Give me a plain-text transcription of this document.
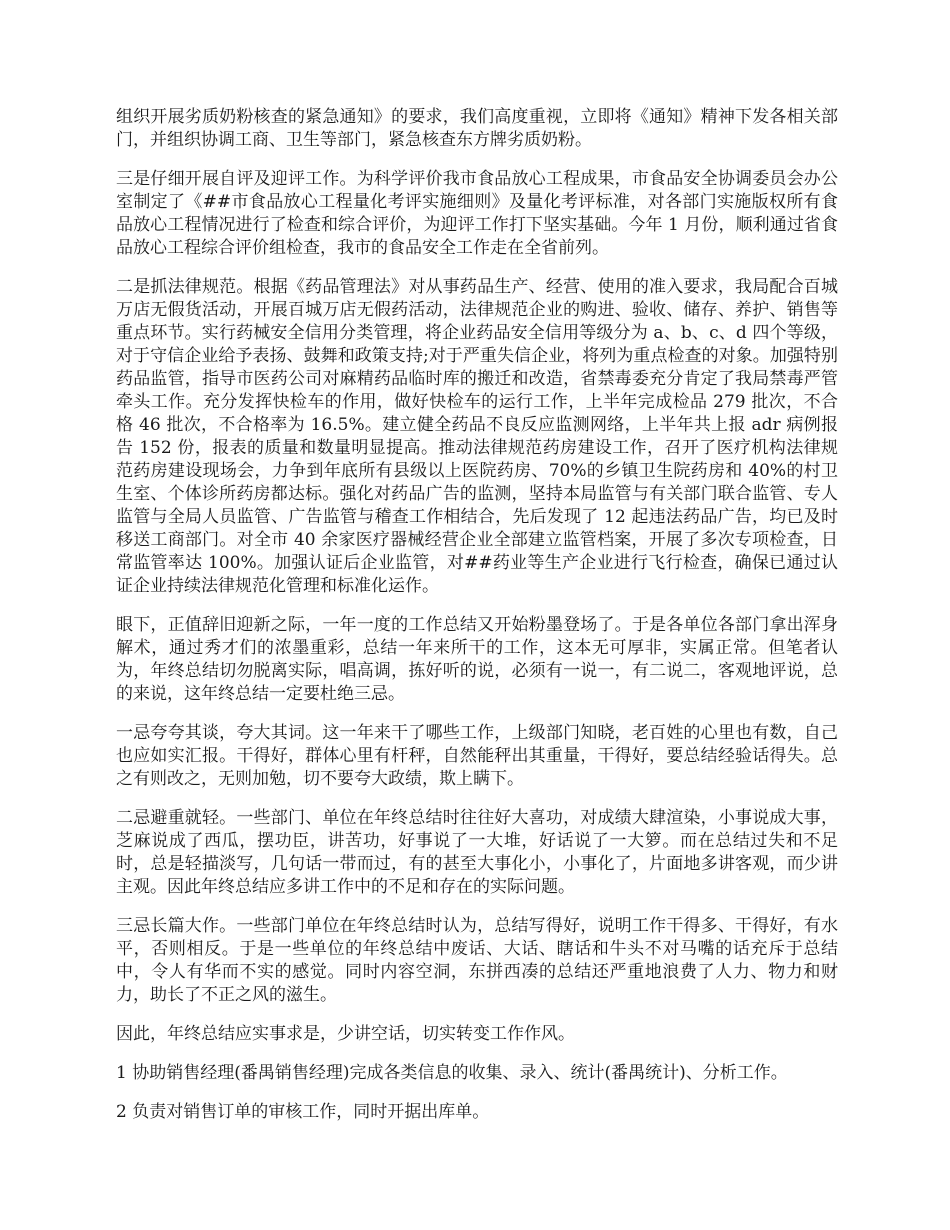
组织开展劣质奶粉核查的紧急通知》的要求，我们高度重视，立即将《通知》精神下发各相关部门，并组织协调工商、卫生等部门，紧急核查东方牌劣质奶粉。

三是仔细开展自评及迎评工作。为科学评价我市食品放心工程成果，市食品安全协调委员会办公室制定了《##市食品放心工程量化考评实施细则》及量化考评标准，对各部门实施版权所有食品放心工程情况进行了检查和综合评价，为迎评工作打下坚实基础。今年 1 月份，顺利通过省食品放心工程综合评价组检查，我市的食品安全工作走在全省前列。

二是抓法律规范。根据《药品管理法》对从事药品生产、经营、使用的准入要求，我局配合百城万店无假货活动，开展百城万店无假药活动，法律规范企业的购进、验收、储存、养护、销售等重点环节。实行药械安全信用分类管理，将企业药品安全信用等级分为 a、b、c、d 四个等级，对于守信企业给予表扬、鼓舞和政策支持;对于严重失信企业，将列为重点检查的对象。加强特别药品监管，指导市医药公司对麻精药品临时库的搬迁和改造，省禁毒委充分肯定了我局禁毒严管牵头工作。充分发挥快检车的作用，做好快检车的运行工作，上半年完成检品 279 批次，不合格 46 批次，不合格率为 16.5%。建立健全药品不良反应监测网络，上半年共上报 adr 病例报告 152 份，报表的质量和数量明显提高。推动法律规范药房建设工作，召开了医疗机构法律规范药房建设现场会，力争到年底所有县级以上医院药房、70%的乡镇卫生院药房和 40%的村卫生室、个体诊所药房都达标。强化对药品广告的监测，坚持本局监管与有关部门联合监管、专人监管与全局人员监管、广告监管与稽查工作相结合，先后发现了 12 起违法药品广告，均已及时移送工商部门。对全市 40 余家医疗器械经营企业全部建立监管档案，开展了多次专项检查，日常监管率达 100%。加强认证后企业监管，对##药业等生产企业进行飞行检查，确保已通过认证企业持续法律规范化管理和标准化运作。

眼下，正值辞旧迎新之际，一年一度的工作总结又开始粉墨登场了。于是各单位各部门拿出浑身解术，通过秀才们的浓墨重彩，总结一年来所干的工作，这本无可厚非，实属正常。但笔者认为，年终总结切勿脱离实际，唱高调，拣好听的说，必须有一说一，有二说二，客观地评说，总的来说，这年终总结一定要杜绝三忌。

一忌夸夸其谈，夸大其词。这一年来干了哪些工作，上级部门知晓，老百姓的心里也有数，自己也应如实汇报。干得好，群体心里有杆秤，自然能秤出其重量，干得好，要总结经验话得失。总之有则改之，无则加勉，切不要夸大政绩，欺上瞒下。

二忌避重就轻。一些部门、单位在年终总结时往往好大喜功，对成绩大肆渲染，小事说成大事，芝麻说成了西瓜，摆功臣，讲苦功，好事说了一大堆，好话说了一大箩。而在总结过失和不足时，总是轻描淡写，几句话一带而过，有的甚至大事化小，小事化了，片面地多讲客观，而少讲主观。因此年终总结应多讲工作中的不足和存在的实际问题。

三忌长篇大作。一些部门单位在年终总结时认为，总结写得好，说明工作干得多、干得好，有水平，否则相反。于是一些单位的年终总结中废话、大话、瞎话和牛头不对马嘴的话充斥于总结中，令人有华而不实的感觉。同时内容空洞，东拼西凑的总结还严重地浪费了人力、物力和财力，助长了不正之风的滋生。

因此，年终总结应实事求是，少讲空话，切实转变工作作风。

1 协助销售经理(番禺销售经理)完成各类信息的收集、录入、统计(番禺统计)、分析工作。

2 负责对销售订单的审核工作，同时开据出库单。
